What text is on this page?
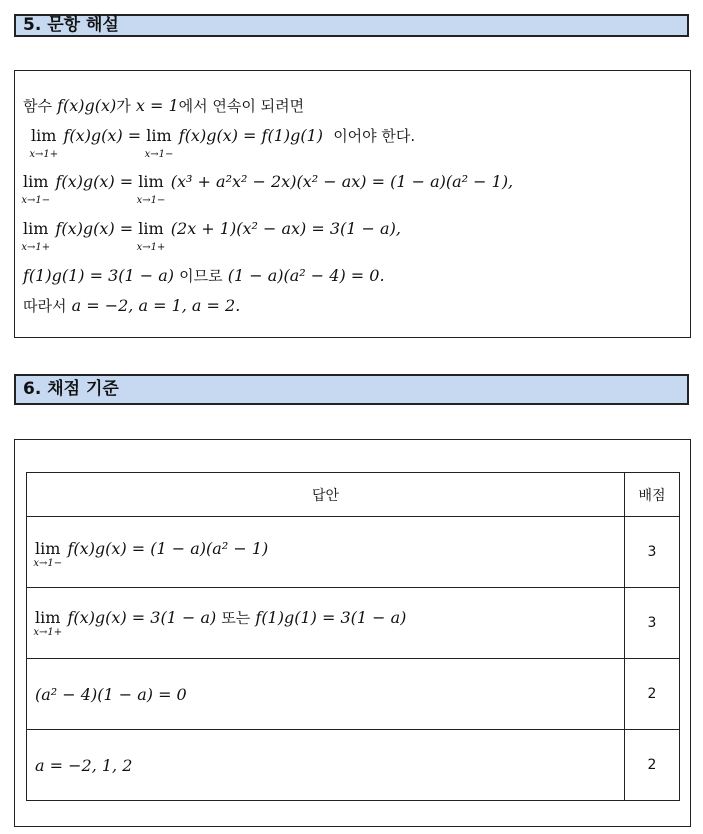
5. 문항 해설
함수 f(x)g(x)가 x = 1에서 연속이 되려면
lim
x→1+
f(x)g(x) = lim
x→1−
f(x)g(x) = f(1)g(1) 이어야 한다.
lim
x→1−
f(x)g(x) = lim
x→1−
(x³ + a²x² − 2x)(x² − ax) = (1 − a)(a² − 1),
lim
x→1+
f(x)g(x) = lim
x→1+
(2x + 1)(x² − ax) = 3(1 − a),
f(1)g(1) = 3(1 − a) 이므로 (1 − a)(a² − 4) = 0.
따라서 a = −2, a = 1, a = 2.
6. 채점 기준
답안	배점
lim
x→1−
f(x)g(x) = (1 − a)(a² − 1)	3
lim
x→1+
f(x)g(x) = 3(1 − a) 또는 f(1)g(1) = 3(1 − a)	3
(a² − 4)(1 − a) = 0	2
a = −2, 1, 2	2
